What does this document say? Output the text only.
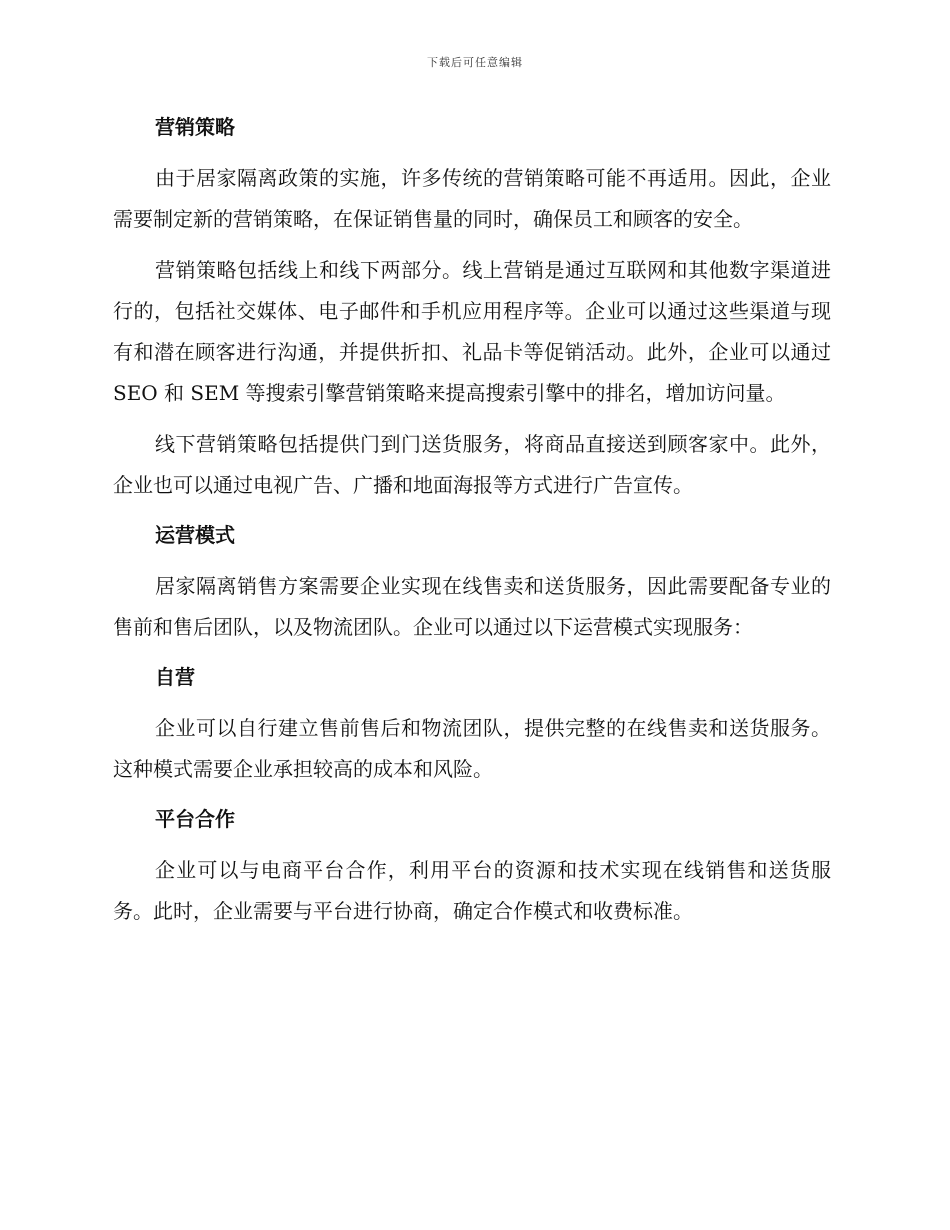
下载后可任意编辑
营销策略

由于居家隔离政策的实施，许多传统的营销策略可能不再适用。因此，企业需要制定新的营销策略，在保证销售量的同时，确保员工和顾客的安全。

营销策略包括线上和线下两部分。线上营销是通过互联网和其他数字渠道进行的，包括社交媒体、电子邮件和手机应用程序等。企业可以通过这些渠道与现有和潜在顾客进行沟通，并提供折扣、礼品卡等促销活动。此外，企业可以通过 SEO 和 SEM 等搜索引擎营销策略来提高搜索引擎中的排名，增加访问量。

线下营销策略包括提供门到门送货服务，将商品直接送到顾客家中。此外，企业也可以通过电视广告、广播和地面海报等方式进行广告宣传。

运营模式

居家隔离销售方案需要企业实现在线售卖和送货服务，因此需要配备专业的售前和售后团队，以及物流团队。企业可以通过以下运营模式实现服务：

自营

企业可以自行建立售前售后和物流团队，提供完整的在线售卖和送货服务。这种模式需要企业承担较高的成本和风险。

平台合作

企业可以与电商平台合作，利用平台的资源和技术实现在线销售和送货服务。此时，企业需要与平台进行协商，确定合作模式和收费标准。
